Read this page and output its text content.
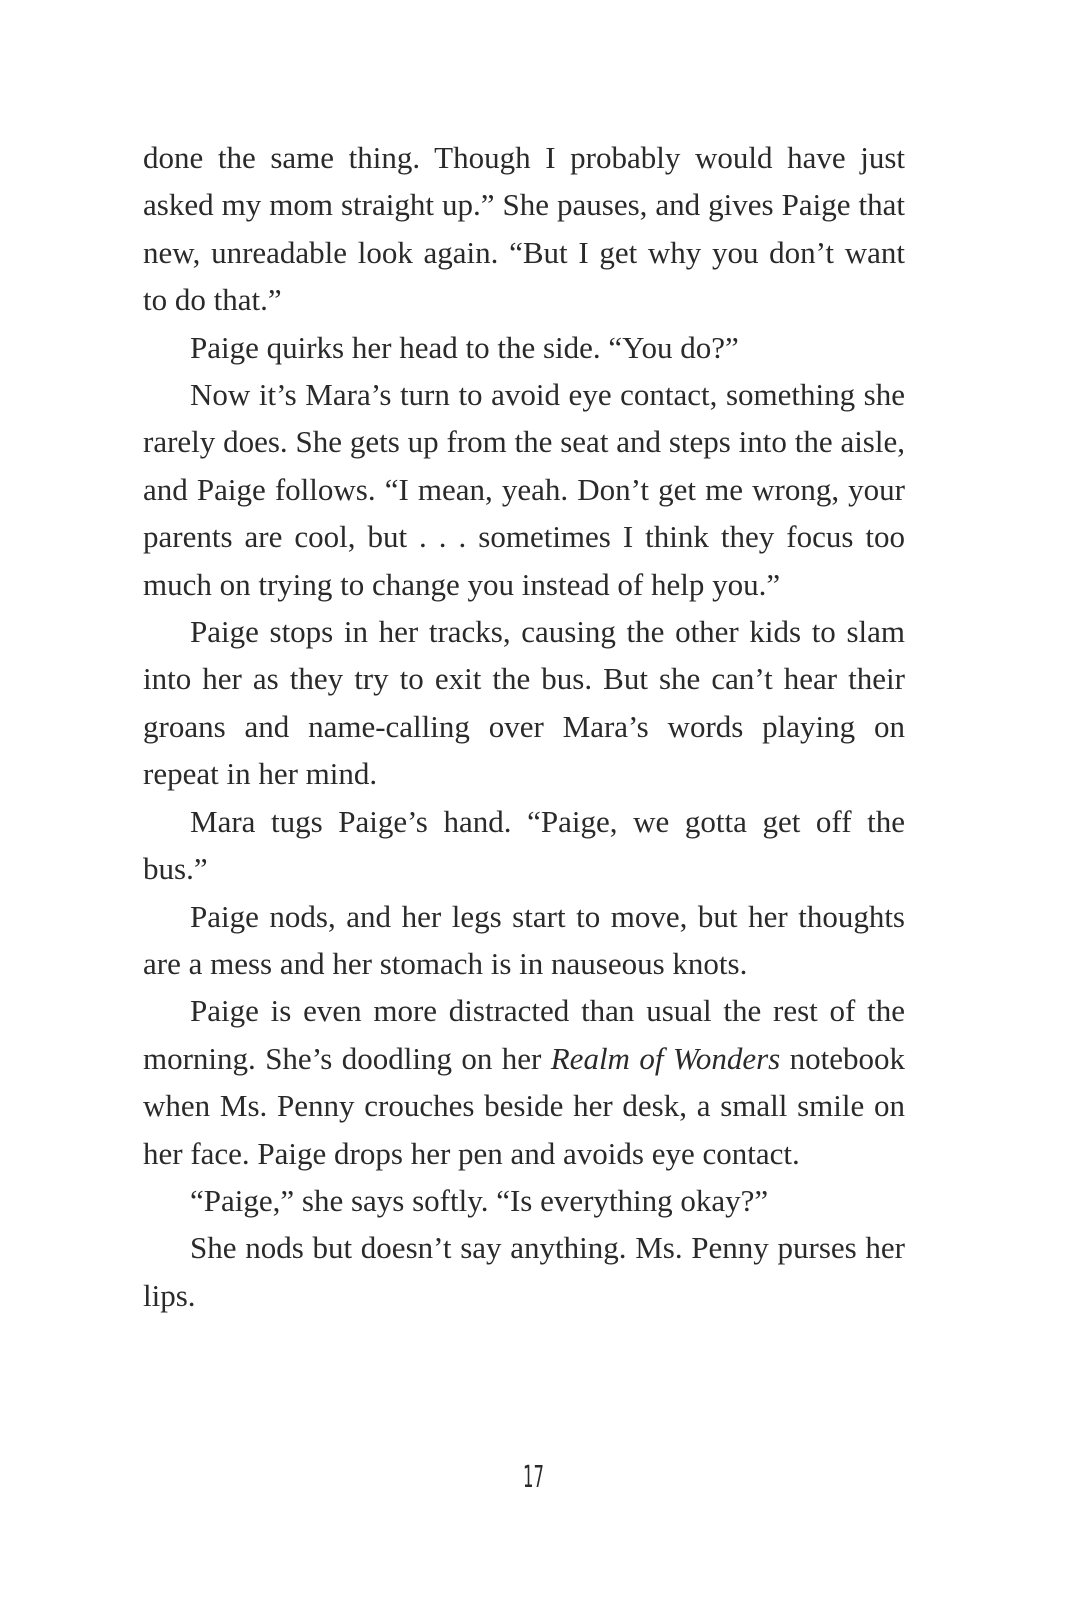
done the same thing. Though I probably would have just asked my mom straight up.” She pauses, and gives Paige that new, unreadable look again. “But I get why you don’t want to do that.”

Paige quirks her head to the side. “You do?”

Now it’s Mara’s turn to avoid eye contact, something she rarely does. She gets up from the seat and steps into the aisle, and Paige follows. “I mean, yeah. Don’t get me wrong, your parents are cool, but . . . sometimes I think they focus too much on trying to change you instead of help you.”

Paige stops in her tracks, causing the other kids to slam into her as they try to exit the bus. But she can’t hear their groans and name-calling over Mara’s words playing on repeat in her mind.

Mara tugs Paige’s hand. “Paige, we gotta get off the bus.”

Paige nods, and her legs start to move, but her thoughts are a mess and her stomach is in nauseous knots.

Paige is even more distracted than usual the rest of the morning. She’s doodling on her Realm of Wonders notebook when Ms. Penny crouches beside her desk, a small smile on her face. Paige drops her pen and avoids eye contact.

“Paige,” she says softly. “Is everything okay?”

She nods but doesn’t say anything. Ms. Penny purses her lips.

17
